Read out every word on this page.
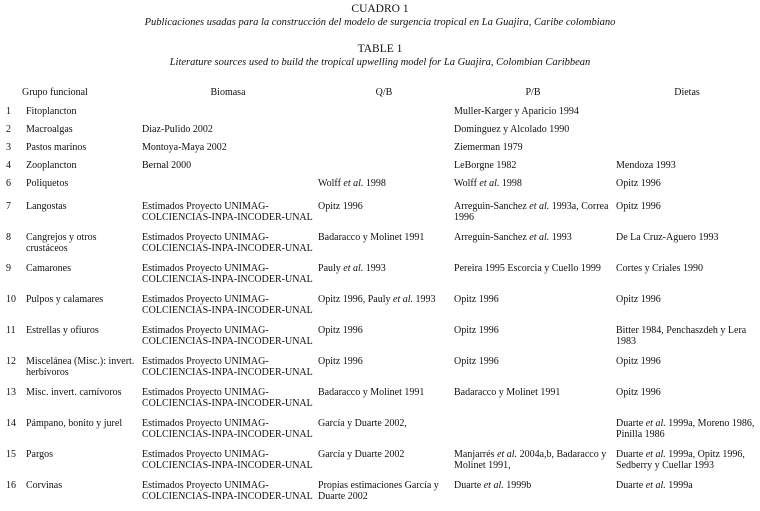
CUADRO 1
Publicaciones usadas para la construcción del modelo de surgencia tropical en La Guajira, Caribe colombiano
TABLE 1
Literature sources used to build the tropical upwelling model for La Guajira, Colombian Caribbean
Grupo funcional		Biomasa	Q/B	P/B	Dietas
1	Fitoplancton			Muller-Karger y Aparicio 1994	
2	Macroalgas	Diaz-Pulido 2002		Dominguez y Alcolado 1990	
3	Pastos marinos	Montoya-Maya 2002		Ziemerman 1979	
4	Zooplancton	Bernal 2000		LeBorgne 1982	Mendoza 1993
6	Poliquetos		Wolff et al. 1998	Wolff et al. 1998	Opitz 1996
7	Langostas	Estimados Proyecto UNIMAG-COLCIENCIAS-INPA-INCODER-UNAL	Opitz 1996	Arreguin-Sanchez et al. 1993a, Correa 1996	Opitz 1996
8	Cangrejos y otros crustáceos	Estimados Proyecto UNIMAG-COLCIENCIAS-INPA-INCODER-UNAL	Badaracco y Molinet 1991	Arreguin-Sanchez et al. 1993	De La Cruz-Aguero 1993
9	Camarones	Estimados Proyecto UNIMAG-COLCIENCIAS-INPA-INCODER-UNAL	Pauly et al. 1993	Pereira 1995 Escorcia y Cuello 1999	Cortes y Criales 1990
10	Pulpos y calamares	Estimados Proyecto UNIMAG-COLCIENCIAS-INPA-INCODER-UNAL	Opitz 1996, Pauly et al. 1993	Opitz 1996	Opitz 1996
11	Estrellas y ofiuros	Estimados Proyecto UNIMAG-COLCIENCIAS-INPA-INCODER-UNAL	Opitz 1996	Opitz 1996	Bitter 1984, Penchaszdeh y Lera 1983
12	Miscelánea (Misc.): invert. herbívoros	Estimados Proyecto UNIMAG-COLCIENCIAS-INPA-INCODER-UNAL	Opitz 1996	Opitz 1996	Opitz 1996
13	Misc. invert. carnívoros	Estimados Proyecto UNIMAG-COLCIENCIAS-INPA-INCODER-UNAL	Badaracco y Molinet 1991	Badaracco y Molinet 1991	Opitz 1996
14	Pámpano, bonito y jurel	Estimados Proyecto UNIMAG-COLCIENCIAS-INPA-INCODER-UNAL	García y Duarte 2002,		Duarte et al. 1999a, Moreno 1986, Pinilla 1986
15	Pargos	Estimados Proyecto UNIMAG-COLCIENCIAS-INPA-INCODER-UNAL	García y Duarte 2002	Manjarrés et al. 2004a,b, Badaracco y Molinet 1991,	Duarte et al. 1999a, Opitz 1996, Sedberry y Cuellar 1993
16	Corvinas	Estimados Proyecto UNIMAG-COLCIENCIAS-INPA-INCODER-UNAL	Propias estimaciones García y Duarte 2002	Duarte et al. 1999b	Duarte et al. 1999a
